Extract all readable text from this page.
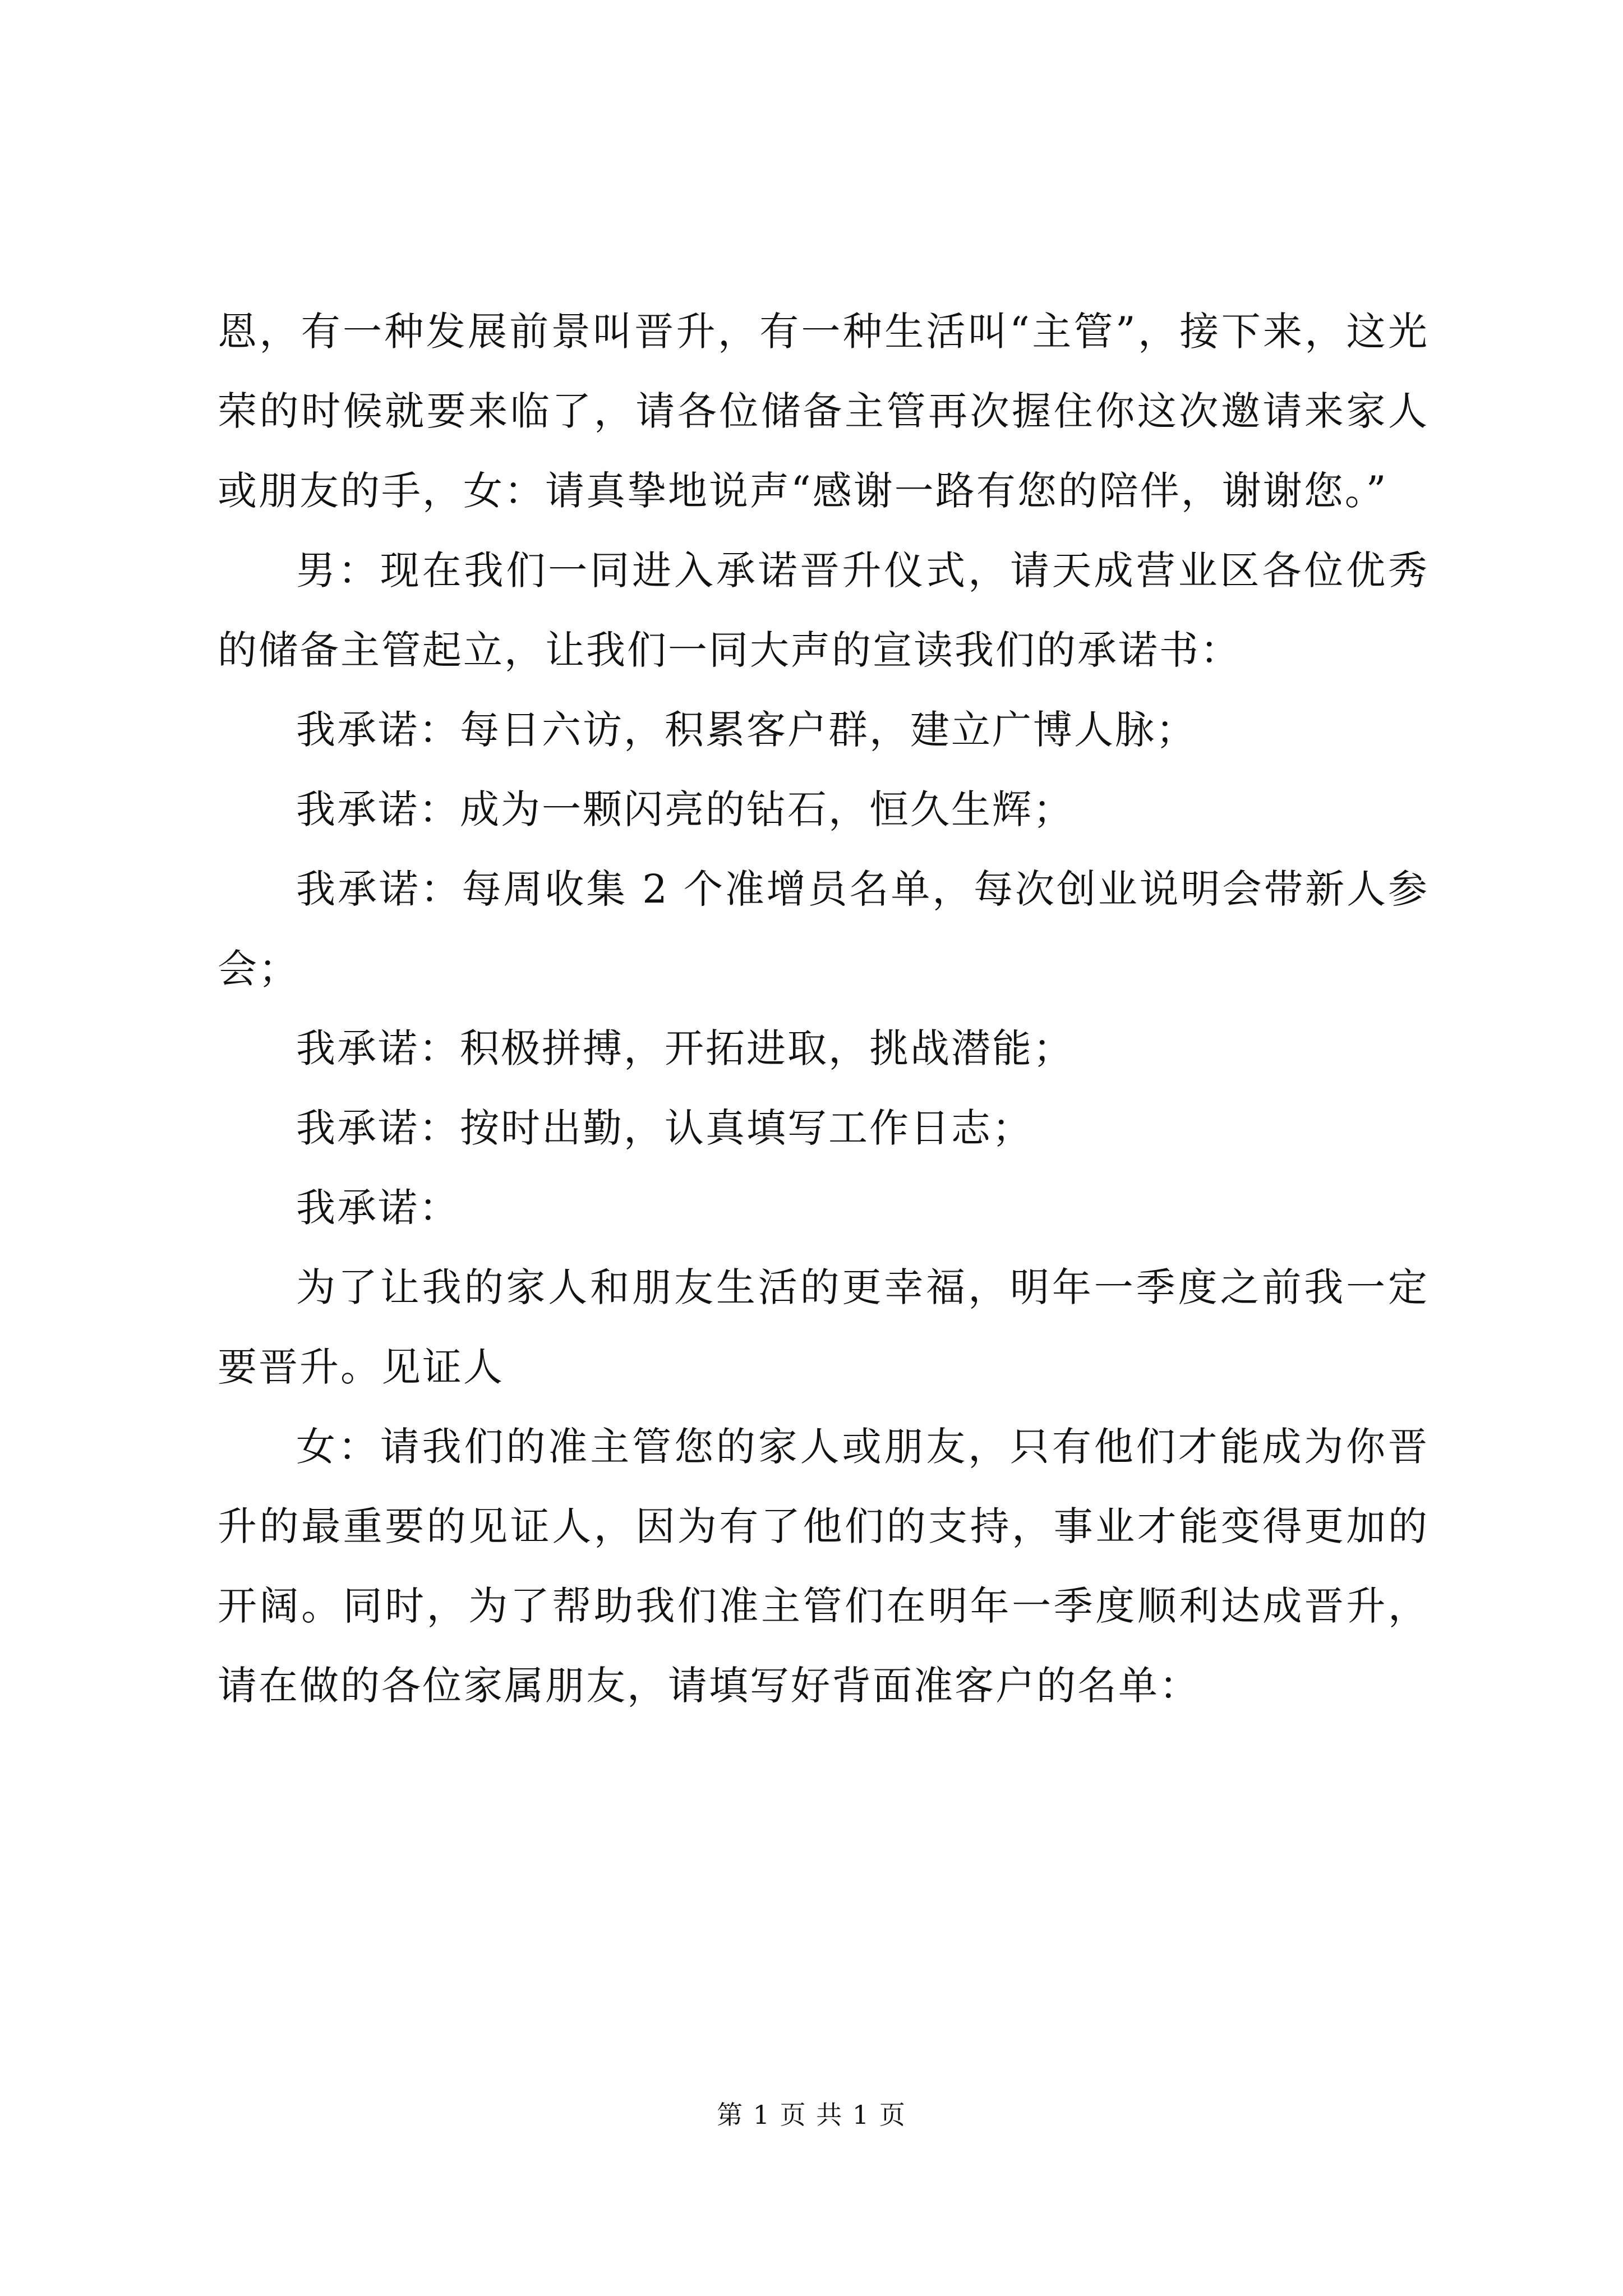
恩，有一种发展前景叫晋升，有一种生活叫“主管”，接下来，这光荣的时候就要来临了，请各位储备主管再次握住你这次邀请来家人或朋友的手，女：请真挚地说声“感谢一路有您的陪伴，谢谢您。”

男：现在我们一同进入承诺晋升仪式，请天成营业区各位优秀的储备主管起立，让我们一同大声的宣读我们的承诺书：

我承诺：每日六访，积累客户群，建立广博人脉；

我承诺：成为一颗闪亮的钻石，恒久生辉；

我承诺：每周收集 2 个准增员名单，每次创业说明会带新人参会；

我承诺：积极拼搏，开拓进取，挑战潜能；

我承诺：按时出勤，认真填写工作日志；

我承诺：

为了让我的家人和朋友生活的更幸福，明年一季度之前我一定要晋升。见证人

女：请我们的准主管您的家人或朋友，只有他们才能成为你晋升的最重要的见证人，因为有了他们的支持，事业才能变得更加的开阔。同时，为了帮助我们准主管们在明年一季度顺利达成晋升，请在做的各位家属朋友，请填写好背面准客户的名单：

第 1 页 共 1 页
